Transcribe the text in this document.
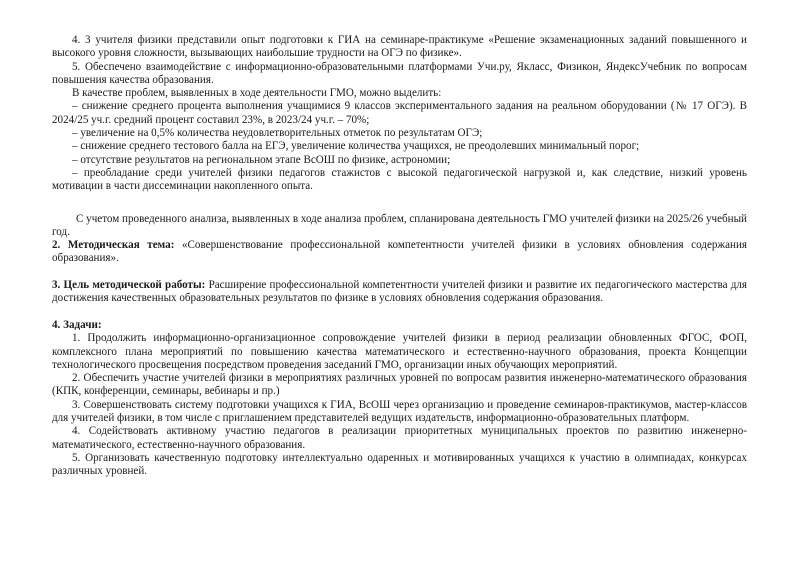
4. 3 учителя физики представили опыт подготовки к ГИА на семинаре-практикуме «Решение экзаменационных заданий повышенного и высокого уровня сложности, вызывающих наибольшие трудности на ОГЭ по физике».

5. Обеспечено взаимодействие с информационно-образовательными платформами Учи.ру, Якласс, Физикон, ЯндексУчебник по вопросам повышения качества образования.

В качестве проблем, выявленных в ходе деятельности ГМО, можно выделить:

– снижение среднего процента выполнения учащимися 9 классов экспериментального задания на реальном оборудовании (№ 17 ОГЭ). В 2024/25 уч.г. средний процент составил 23%, в 2023/24 уч.г. – 70%;

– увеличение на 0,5% количества неудовлетворительных отметок по результатам ОГЭ;

– снижение среднего тестового балла на ЕГЭ, увеличение количества учащихся, не преодолевших минимальный порог;

– отсутствие результатов на региональном этапе ВсОШ по физике, астрономии;

– преобладание среди учителей физики педагогов стажистов с высокой педагогической нагрузкой и, как следствие, низкий уровень мотивации в части диссеминации накопленного опыта.

С учетом проведенного анализа, выявленных в ходе анализа проблем, спланирована деятельность ГМО учителей физики на 2025/26 учебный год.

2. Методическая тема: «Совершенствование профессиональной компетентности учителей физики в условиях обновления содержания образования».

3. Цель методической работы: Расширение профессиональной компетентности учителей физики и развитие их педагогического мастерства для достижения качественных образовательных результатов по физике в условиях обновления содержания образования.

4. Задачи:

1. Продолжить информационно-организационное сопровождение учителей физики в период реализации обновленных ФГОС, ФОП, комплексного плана мероприятий по повышению качества математического и естественно-научного образования, проекта Концепции технологического просвещения посредством проведения заседаний ГМО, организации иных обучающих мероприятий.

2. Обеспечить участие учителей физики в мероприятиях различных уровней по вопросам развития инженерно-математического образования (КПК, конференции, семинары, вебинары и пр.)

3. Совершенствовать систему подготовки учащихся к ГИА, ВсОШ через организацию и проведение семинаров-практикумов, мастер-классов для учителей физики, в том числе с приглашением представителей ведущих издательств, информационно-образовательных платформ.

4. Содействовать активному участию педагогов в реализации приоритетных муниципальных проектов по развитию инженерно-математического, естественно-научного образования.

5. Организовать качественную подготовку интеллектуально одаренных и мотивированных учащихся к участию в олимпиадах, конкурсах различных уровней.
